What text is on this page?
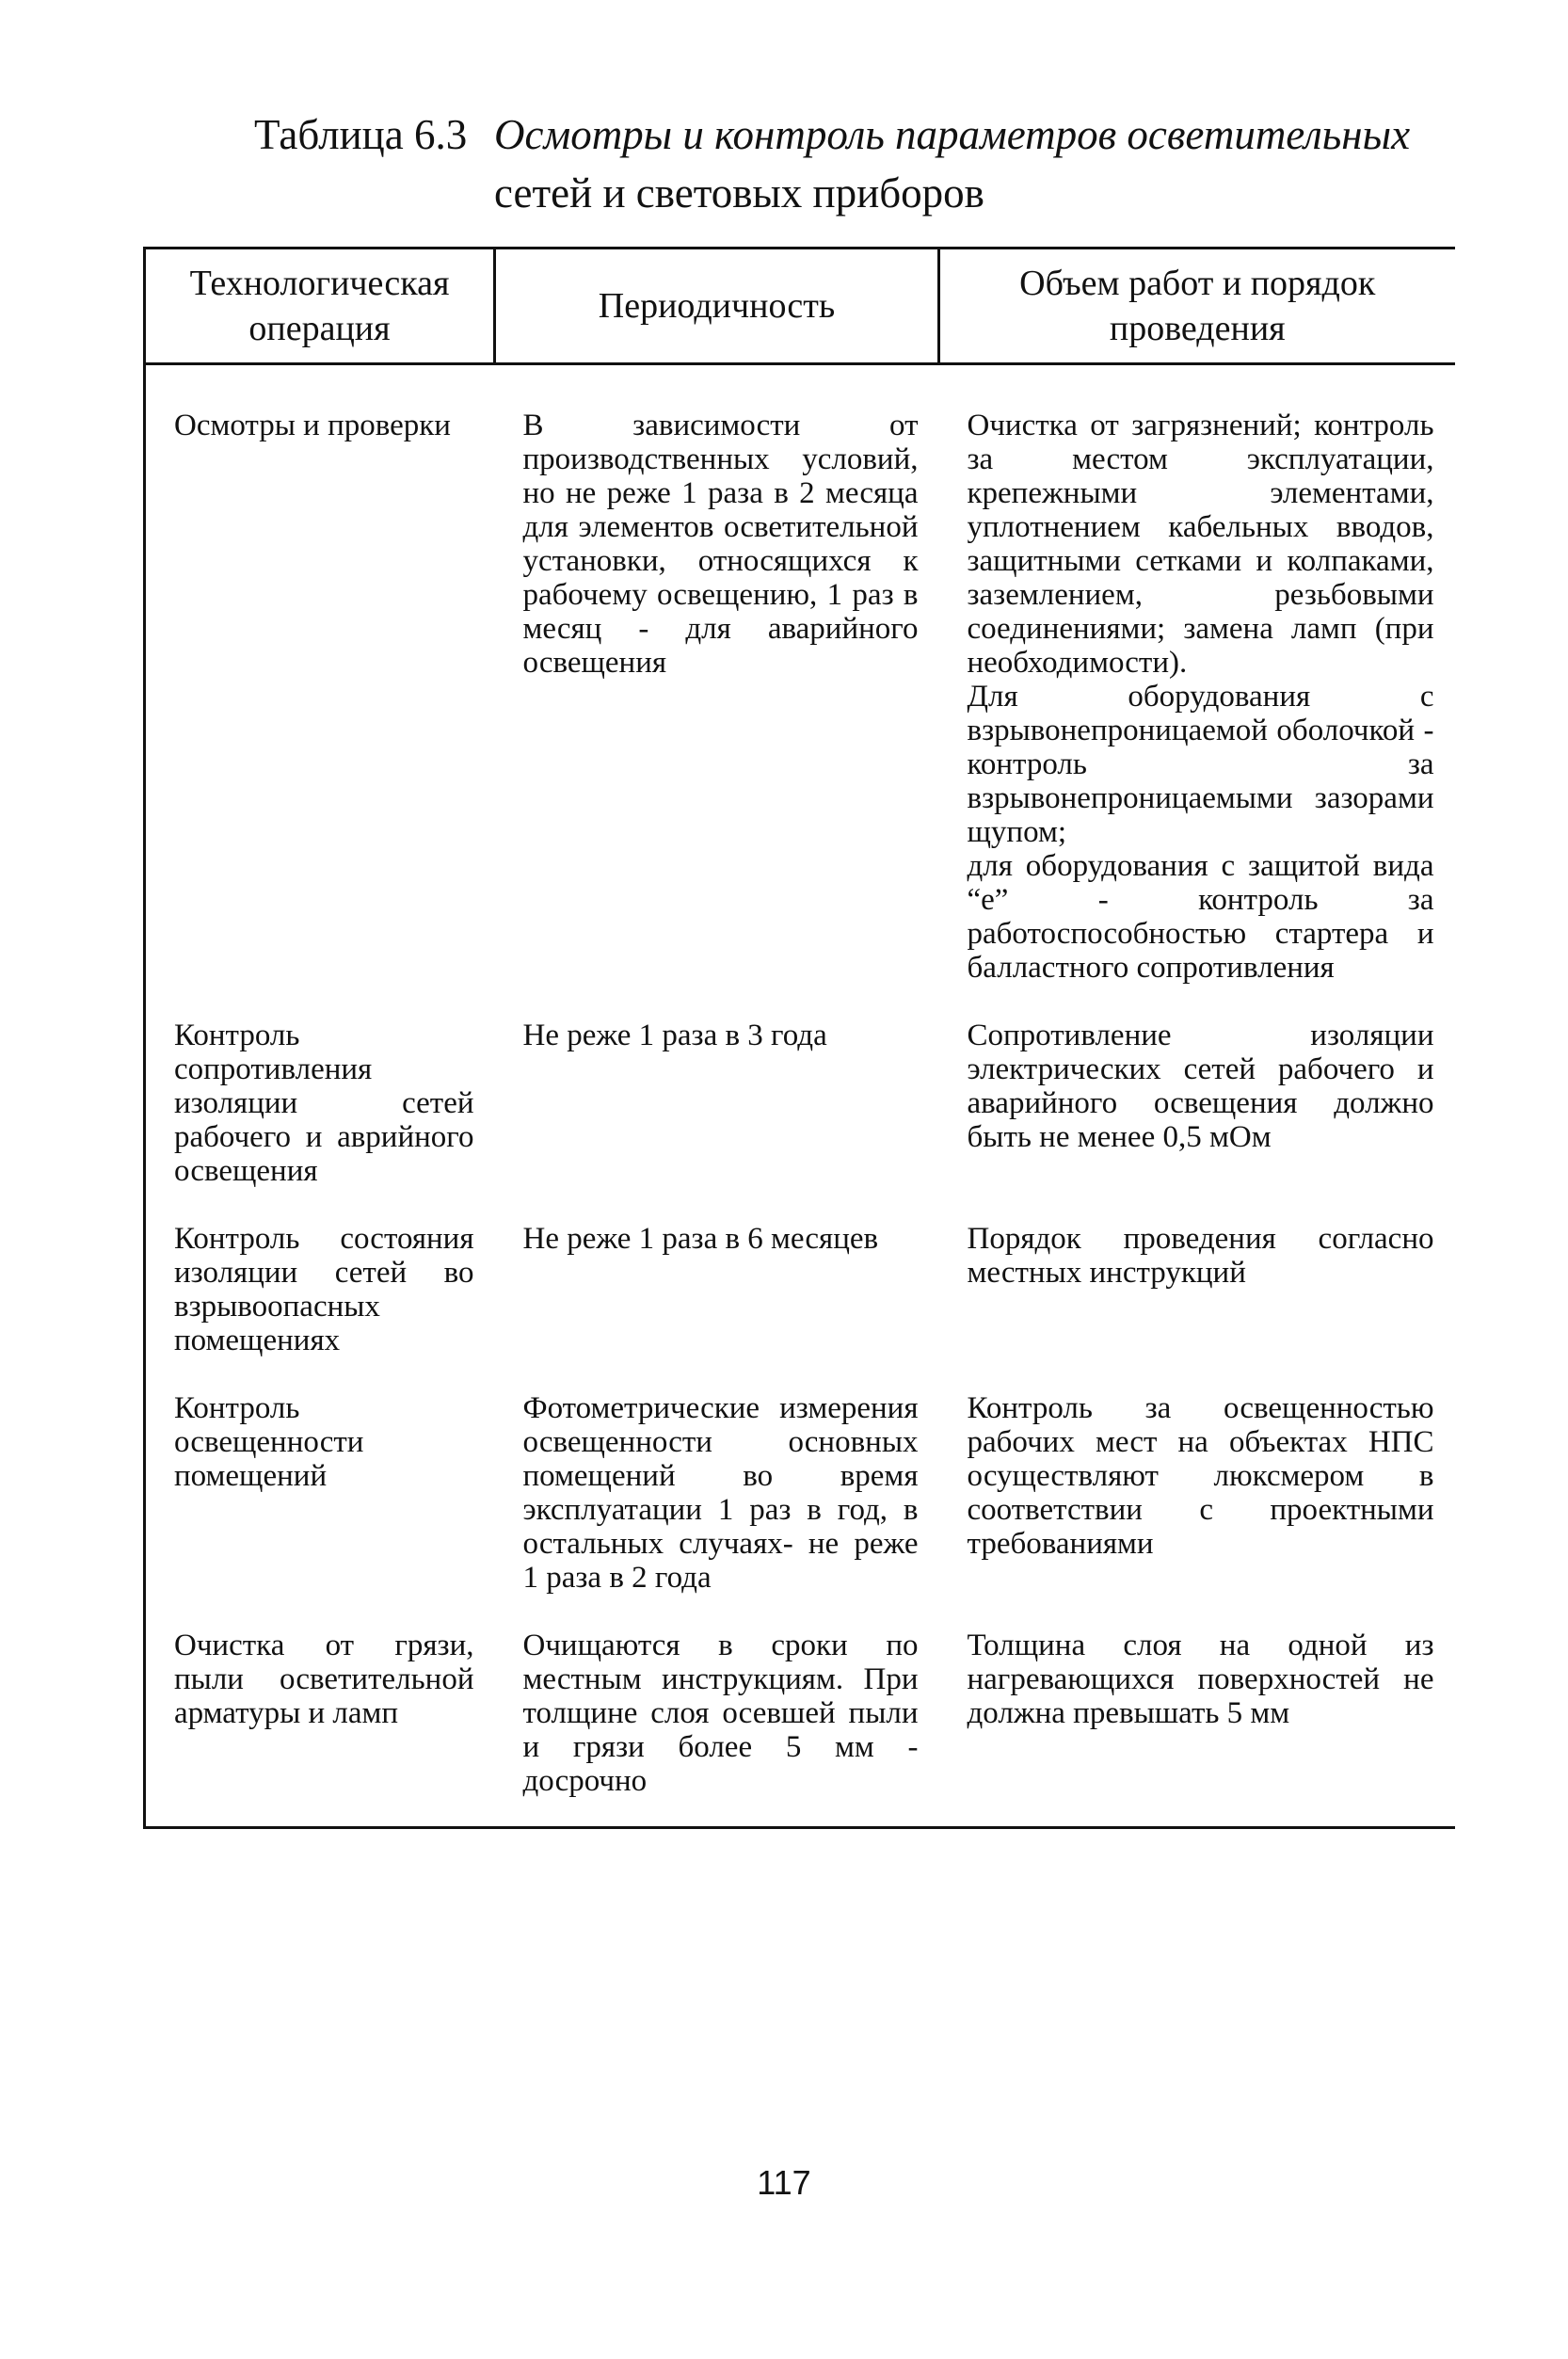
Таблица 6.3 Осмотры и контроль параметров осветительных
сетей и световых приборов
Технологическая операция	Периодичность	Объем работ и порядок проведения
Осмотры и проверки	В зависимости от производственных условий, но не реже 1 раза в 2 месяца для элементов осветительной установки, относящихся к рабочему освещению, 1 раз в месяц - для аварийного освещения	Очистка от загрязнений; контроль за местом эксплуатации, крепежными элементами, уплотнением кабельных вводов, защитными сетками и колпаками, заземлением, резьбовыми соединениями; замена ламп (при необходимости).
Для оборудования с взрывонепроницаемой оболочкой - контроль за взрывонепроницаемыми зазорами щупом;
для оборудования с защитой вида “е” - контроль за работоспособностью стартера и балластного сопротивления

Контроль сопротивления изоляции сетей рабочего и аврийного освещения	Не реже 1 раза в 3 года	Сопротивление изоляции электрических сетей рабочего и аварийного освещения должно быть не менее 0,5 мОм
Контроль состояния изоляции сетей во взрывоопасных помещениях	Не реже 1 раза в 6 месяцев	Порядок проведения согласно местных инструкций
Контроль освещенности помещений	Фотометрические измерения освещенности основных помещений во время эксплуатации 1 раз в год, в остальных случаях- не реже 1 раза в 2 года	Контроль за освещенностью рабочих мест на объектах НПС осуществляют люксмером в соответствии с проектными требованиями
Очистка от грязи, пыли осветительной арматуры и ламп	Очищаются в сроки по местным инструкциям. При толщине слоя осевшей пыли и грязи более 5 мм - досрочно	Толщина слоя на одной из нагревающихся поверхностей не должна превышать 5 мм
117
